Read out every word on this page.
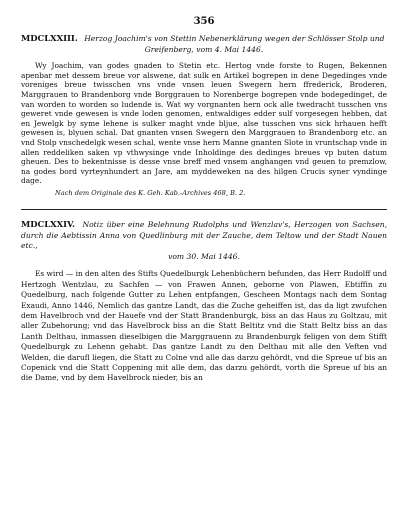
356

MDCLXXIII. Herzog Joachim's von Stettin Nebenerklärung wegen der Schlösser Stolp und
Greifenberg, vom 4. Mai 1446.

Wy Joachim, van godes gnaden to Stetin etc. Hertog vnde forste to Rugen, Bekennen apenbar met dessem breue vor alswene, dat sulk en Artikel bogrepen in dene Degedinges vnde voreniges breue twisschen vns vnde vnsen leuen Swegern hern ffrederick, Broderen, Marggrauen to Brandenborg vnde Borggrauen to Norenberge bogrepen vnde bodegedinget, de van worden to worden so ludende is. Wat wy vorgnanten hern ock alle twedracht tusschen vns geweret vnde gewesen is vnde loden genomen, entwaldiges edder sulf vorgesegen hebben, dat en Jewelgk by syme lehene is sulker maght vnde bljue, alse tusschen vns sick hrhauen hefft gewesen is, blyuen schal. Dat gnanten vnsen Swegern den Marggrauen to Brandenborg etc. an vnd Stolp vnschedelgk wesen schal, wente vnse hern Manne gnanten Slote in vruntschap vnde in allen reddeliken saken vp vthwysinge vnde Inholdinge des dedinges breues vp buten datum gheuen. Des to bekentnisse is desse vnse breff med vnsem anghangen vnd geuen to premzlow, na godes bord vyrteynhundert an Jare, am myddeweken na des hilgen Crucis syner vyndinge dage.

Nach dem Originale des K. Geh. Kab.-Archives 468, B. 2.

MDCLXXIV. Notiz über eine Belehnung Rudolphs und Wenzlav's, Herzogen von Sachsen, durch die Aebtissin Anna von Quedlinburg mit der Zauche, dem Teltow und der Stadt Nauen etc.,
vom 30. Mai 1446.

Es wird — in den alten des Stifts Quedelburgk Lehenbüchern befunden, das Herr Rudolff und Hertzogh Wentzlau, zu Sachfen — von Frawen Annen, geborne von Plawen, Ebtiffin zu Quedelburg, nach folgende Gutter zu Lehen entpfangen, Gescheen Montags nach dem Sontag Exaudi, Anno 1446, Nemlich das gantze Landt, das die Zuche geheiffen ist, das da ligt zwufchen dem Havelbroch vnd der Hauefe vnd der Statt Brandenburgk, biss an das Haus zu Goltzau, mit aller Zubehorung; vnd das Havelbrock biss an die Statt Beltitz vnd die Statt Beltz biss an das Lanth Delthau, inmassen dieselbigen die Marggrauenn zu Brandenburgk feligen von dem Stifft Quedelburgk zu Lehenn gehabt. Das gantze Landt zu den Delthau mit alle den Veften vnd Welden, die darufl liegen, die Statt zu Colne vnd alle das darzu gehördt, vnd die Spreue uf bis an Copenick vnd die Statt Coppening mit alle dem, das darzu gehördt, vorth die Spreue uf bis an die Dame, vnd by dem Havelbrock nieder, bis an
